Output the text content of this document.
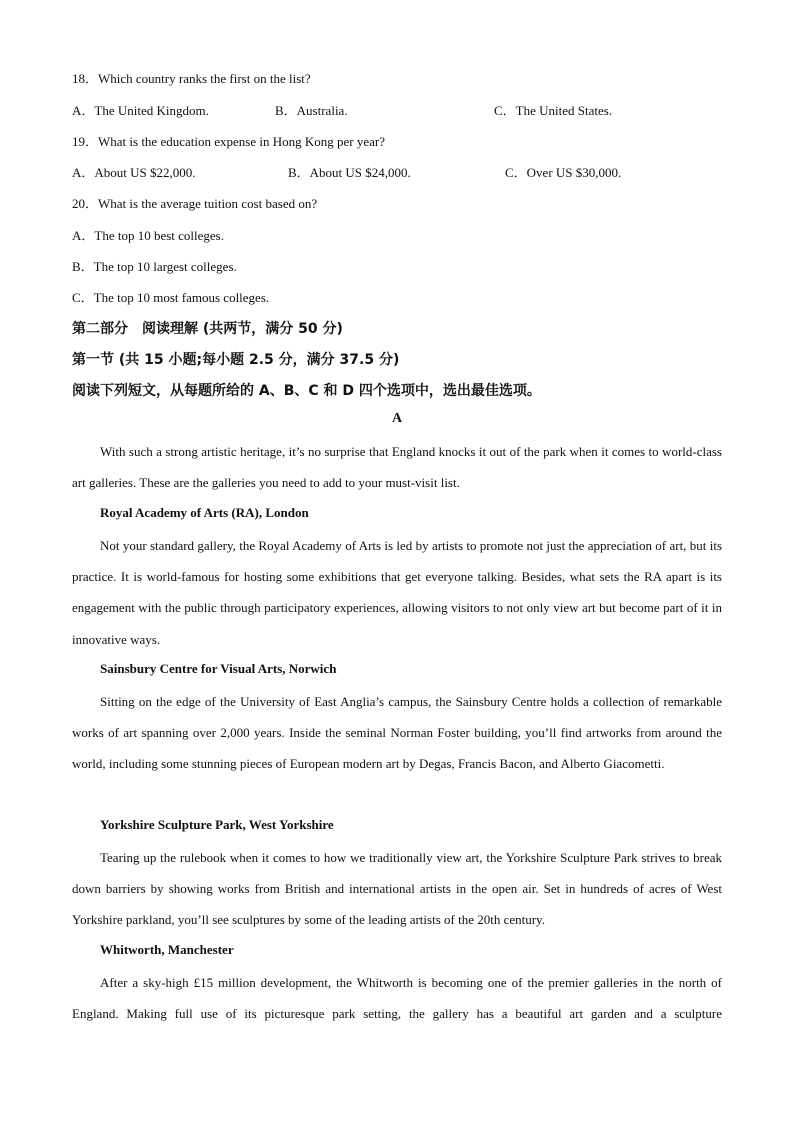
18．Which country ranks the first on the list?
A．The United Kingdom.	B．Australia.	C．The United States.
19．What is the education expense in Hong Kong per year?
A．About US $22,000.	B．About US $24,000.	C．Over US $30,000.
20．What is the average tuition cost based on?
A．The top 10 best colleges.
B．The top 10 largest colleges.
C．The top 10 most famous colleges.
第二部分　阅读理解 (共两节，满分 50 分)
第一节 (共 15 小题;每小题 2.5 分，满分 37.5 分)
阅读下列短文，从每题所给的 A、B、C 和 D 四个选项中，选出最佳选项。
A
With such a strong artistic heritage, it’s no surprise that England knocks it out of the park when it comes to world-class art galleries. These are the galleries you need to add to your must-visit list.
Royal Academy of Arts (RA), London
Not your standard gallery, the Royal Academy of Arts is led by artists to promote not just the appreciation of art, but its practice. It is world-famous for hosting some exhibitions that get everyone talking. Besides, what sets the RA apart is its engagement with the public through participatory experiences, allowing visitors to not only view art but become part of it in innovative ways.
Sainsbury Centre for Visual Arts, Norwich
Sitting on the edge of the University of East Anglia’s campus, the Sainsbury Centre holds a collection of remarkable works of art spanning over 2,000 years. Inside the seminal Norman Foster building, you’ll find artworks from around the world, including some stunning pieces of European modern art by Degas, Francis Bacon, and Alberto Giacometti.
Yorkshire Sculpture Park, West Yorkshire
Tearing up the rulebook when it comes to how we traditionally view art, the Yorkshire Sculpture Park strives to break down barriers by showing works from British and international artists in the open air. Set in hundreds of acres of West Yorkshire parkland, you’ll see sculptures by some of the leading artists of the 20th century.
Whitworth, Manchester
After a sky-high £15 million development, the Whitworth is becoming one of the premier galleries in the north of England. Making full use of its picturesque park setting, the gallery has a beautiful art garden and a sculpture
